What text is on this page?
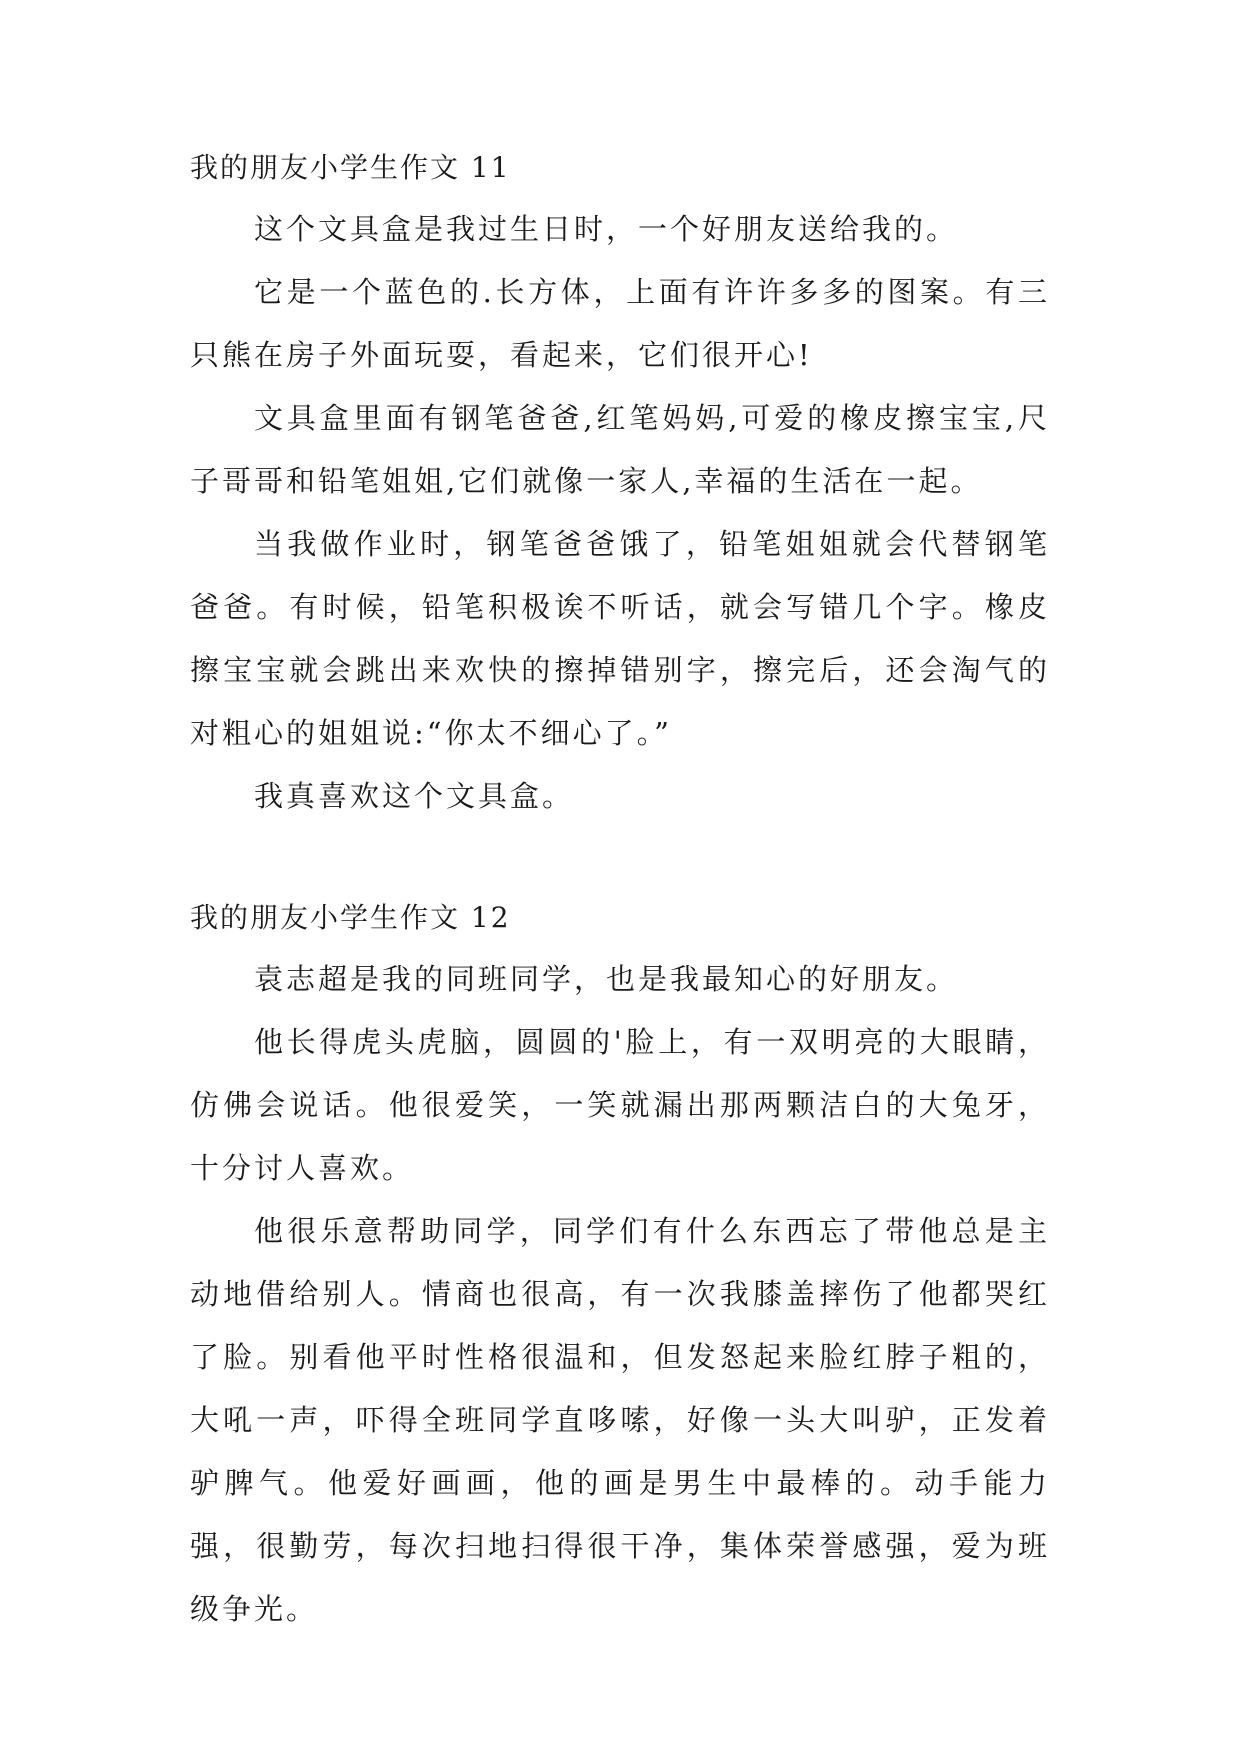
我的朋友小学生作文 11

这个文具盒是我过生日时，一个好朋友送给我的。

它是一个蓝色的.长方体，上面有许许多多的图案。有三只熊在房子外面玩耍，看起来，它们很开心!

文具盒里面有钢笔爸爸,红笔妈妈,可爱的橡皮擦宝宝,尺子哥哥和铅笔姐姐,它们就像一家人,幸福的生活在一起。

当我做作业时，钢笔爸爸饿了，铅笔姐姐就会代替钢笔爸爸。有时候，铅笔积极诶不听话，就会写错几个字。橡皮擦宝宝就会跳出来欢快的擦掉错别字，擦完后，还会淘气的对粗心的姐姐说:“你太不细心了。”

我真喜欢这个文具盒。

我的朋友小学生作文 12

袁志超是我的同班同学，也是我最知心的好朋友。

他长得虎头虎脑，圆圆的'脸上，有一双明亮的大眼睛，仿佛会说话。他很爱笑，一笑就漏出那两颗洁白的大兔牙，十分讨人喜欢。

他很乐意帮助同学，同学们有什么东西忘了带他总是主动地借给别人。情商也很高，有一次我膝盖摔伤了他都哭红了脸。别看他平时性格很温和，但发怒起来脸红脖子粗的，大吼一声，吓得全班同学直哆嗦，好像一头大叫驴，正发着驴脾气。他爱好画画，他的画是男生中最棒的。动手能力强，很勤劳，每次扫地扫得很干净，集体荣誉感强，爱为班级争光。
